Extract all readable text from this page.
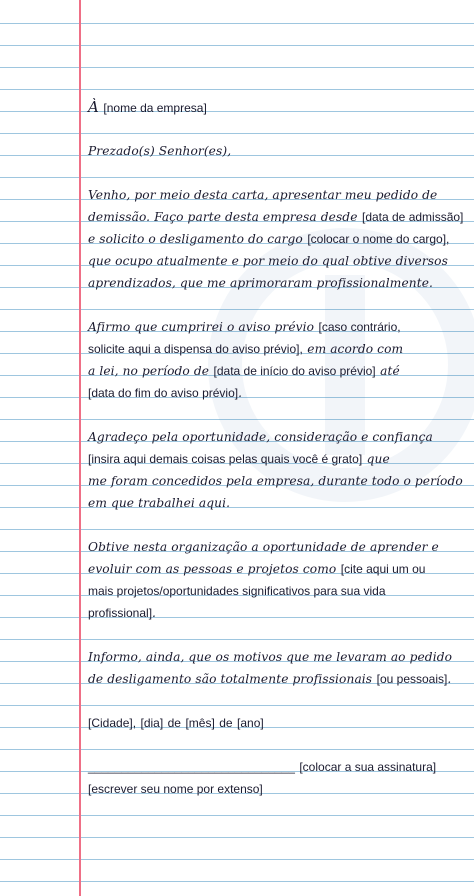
À [nome da empresa]
Prezado(s) Senhor(es),
Venho, por meio desta carta, apresentar meu pedido de
demissão. Faço parte desta empresa desde [data de admissão]
e solicito o desligamento do cargo [colocar o nome do cargo],
que ocupo atualmente e por meio do qual obtive diversos
aprendizados, que me aprimoraram profissionalmente.
Afirmo que cumprirei o aviso prévio [caso contrário,
solicite aqui a dispensa do aviso prévio], em acordo com
a lei, no período de [data de início do aviso prévio] até
[data do fim do aviso prévio].
Agradeço pela oportunidade, consideração e confiança
[insira aqui demais coisas pelas quais você é grato] que
me foram concedidos pela empresa, durante todo o período
em que trabalhei aqui.
Obtive nesta organização a oportunidade de aprender e
evoluir com as pessoas e projetos como [cite aqui um ou
mais projetos/oportunidades significativos para sua vida
profissional].
Informo, ainda, que os motivos que me levaram ao pedido
de desligamento são totalmente profissionais [ou pessoais].
[Cidade], [dia] de [mês] de [ano]
_______________________________ [colocar a sua assinatura]
[escrever seu nome por extenso]
